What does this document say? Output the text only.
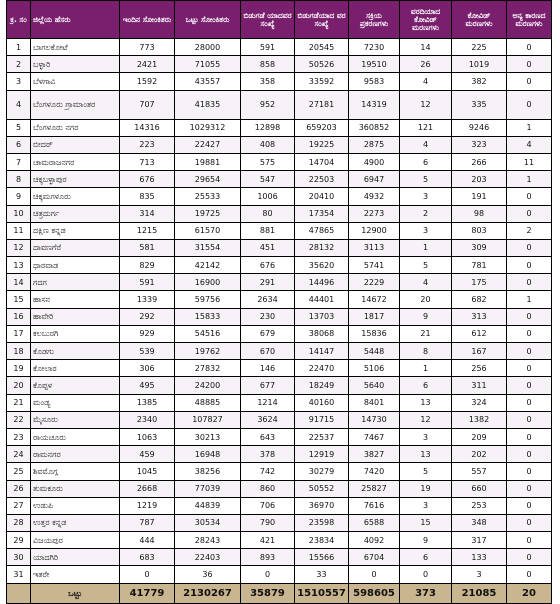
ಕ್ರ. ಸಂ	ಜಿಲ್ಲೆಯ ಹೆಸರು	ಇಂದಿನ ಸೋಂಕಿತರು	ಒಟ್ಟು ಸೋಂಕಿತರು	ಬಿಡುಗಡೆ ಯಾದವರ ಸಂಖ್ಯೆ	ಬಿಡುಗಡೆಯಾದ ವರ ಸಂಖ್ಯೆ	ಸಕ್ರಿಯ ಪ್ರಕರಣಗಳು	ವರದಿಯಾದ ಕೋವಿಡ್ ಮರಣಗಳು	ಕೋವಿಡ್ ಮರಣಗಳು	ಅನ್ಯ ಕಾರಣದ ಮರಣಗಳು
1	ಬಾಗಲಕೋಟೆ	773	28000	591	20545	7230	14	225	0
2	ಬಳ್ಳಾರಿ	2421	71055	858	50526	19510	26	1019	0
3	ಬೆಳಗಾವಿ	1592	43557	358	33592	9583	4	382	0
4	ಬೆಂಗಳೂರು ಗ್ರಾಮಾಂತರ	707	41835	952	27181	14319	12	335	0
5	ಬೆಂಗಳೂರು ನಗರ	14316	1029312	12898	659203	360852	121	9246	1
6	ಬೀದರ್	223	22427	408	19225	2875	4	323	4
7	ಚಾಮರಾಜನಗರ	713	19881	575	14704	4900	6	266	11
8	ಚಿಕ್ಕಬಳ್ಳಾಪುರ	676	29654	547	22503	6947	5	203	1
9	ಚಿಕ್ಕಮಗಳೂರು	835	25533	1006	20410	4932	3	191	0
10	ಚಿತ್ರದುರ್ಗ	314	19725	80	17354	2273	2	98	0
11	ದಕ್ಷಿಣ ಕನ್ನಡ	1215	61570	881	47865	12900	3	803	2
12	ದಾವಣಗೆರೆ	581	31554	451	28132	3113	1	309	0
13	ಧಾರವಾಡ	829	42142	676	35620	5741	5	781	0
14	ಗದಗ	591	16900	291	14496	2229	4	175	0
15	ಹಾಸನ	1339	59756	2634	44401	14672	20	682	1
16	ಹಾವೇರಿ	292	15833	230	13703	1817	9	313	0
17	ಕಲಬುರಗಿ	929	54516	679	38068	15836	21	612	0
18	ಕೊಡಗು	539	19762	670	14147	5448	8	167	0
19	ಕೋಲಾರ	306	27832	146	22470	5106	1	256	0
20	ಕೊಪ್ಪಳ	495	24200	677	18249	5640	6	311	0
21	ಮಂಡ್ಯ	1385	48885	1214	40160	8401	13	324	0
22	ಮೈಸೂರು	2340	107827	3624	91715	14730	12	1382	0
23	ರಾಯಚೂರು	1063	30213	643	22537	7467	3	209	0
24	ರಾಮನಗರ	459	16948	378	12919	3827	13	202	0
25	ಶಿವಮೊಗ್ಗ	1045	38256	742	30279	7420	5	557	0
26	ತುಮಕೂರು	2668	77039	860	50552	25827	19	660	0
27	ಉಡುಪಿ	1219	44839	706	36970	7616	3	253	0
28	ಉತ್ತರ ಕನ್ನಡ	787	30534	790	23598	6588	15	348	0
29	ವಿಜಯಪುರ	444	28243	421	23834	4092	9	317	0
30	ಯಾದಗಿರಿ	683	22403	893	15566	6704	6	133	0
31	ಇತರೇ	0	36	0	33	0	0	3	0
	ಒಟ್ಟು	41779	2130267	35879	1510557	598605	373	21085	20
